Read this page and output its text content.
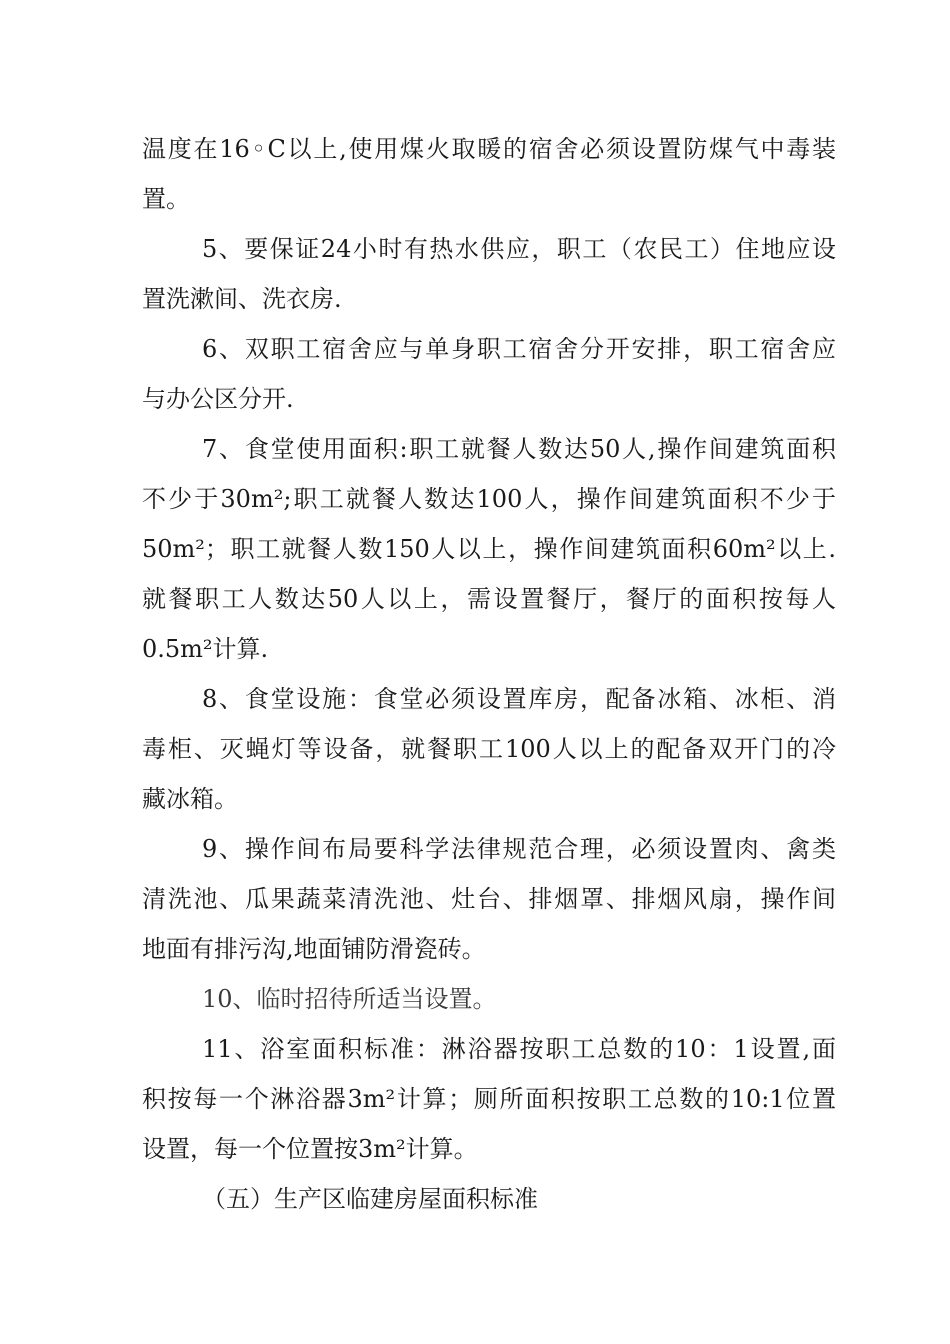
温度在16◦C以上,使用煤火取暖的宿舍必须设置防煤气中毒装
置。
5、要保证24小时有热水供应，职工（农民工）住地应设
置洗漱间、洗衣房.
6、双职工宿舍应与单身职工宿舍分开安排，职工宿舍应
与办公区分开.
7、食堂使用面积:职工就餐人数达50人,操作间建筑面积
不少于30m²;职工就餐人数达100人，操作间建筑面积不少于
50m²；职工就餐人数150人以上，操作间建筑面积60m²以上.
就餐职工人数达50人以上，需设置餐厅，餐厅的面积按每人
0.5m²计算.
8、食堂设施：食堂必须设置库房，配备冰箱、冰柜、消
毒柜、灭蝇灯等设备，就餐职工100人以上的配备双开门的冷
藏冰箱。
9、操作间布局要科学法律规范合理，必须设置肉、禽类
清洗池、瓜果蔬菜清洗池、灶台、排烟罩、排烟风扇，操作间
地面有排污沟,地面铺防滑瓷砖。
10、临时招待所适当设置。
11、浴室面积标准：淋浴器按职工总数的10：1设置,面
积按每一个淋浴器3m²计算；厕所面积按职工总数的10:1位置
设置，每一个位置按3m²计算。
（五）生产区临建房屋面积标准
